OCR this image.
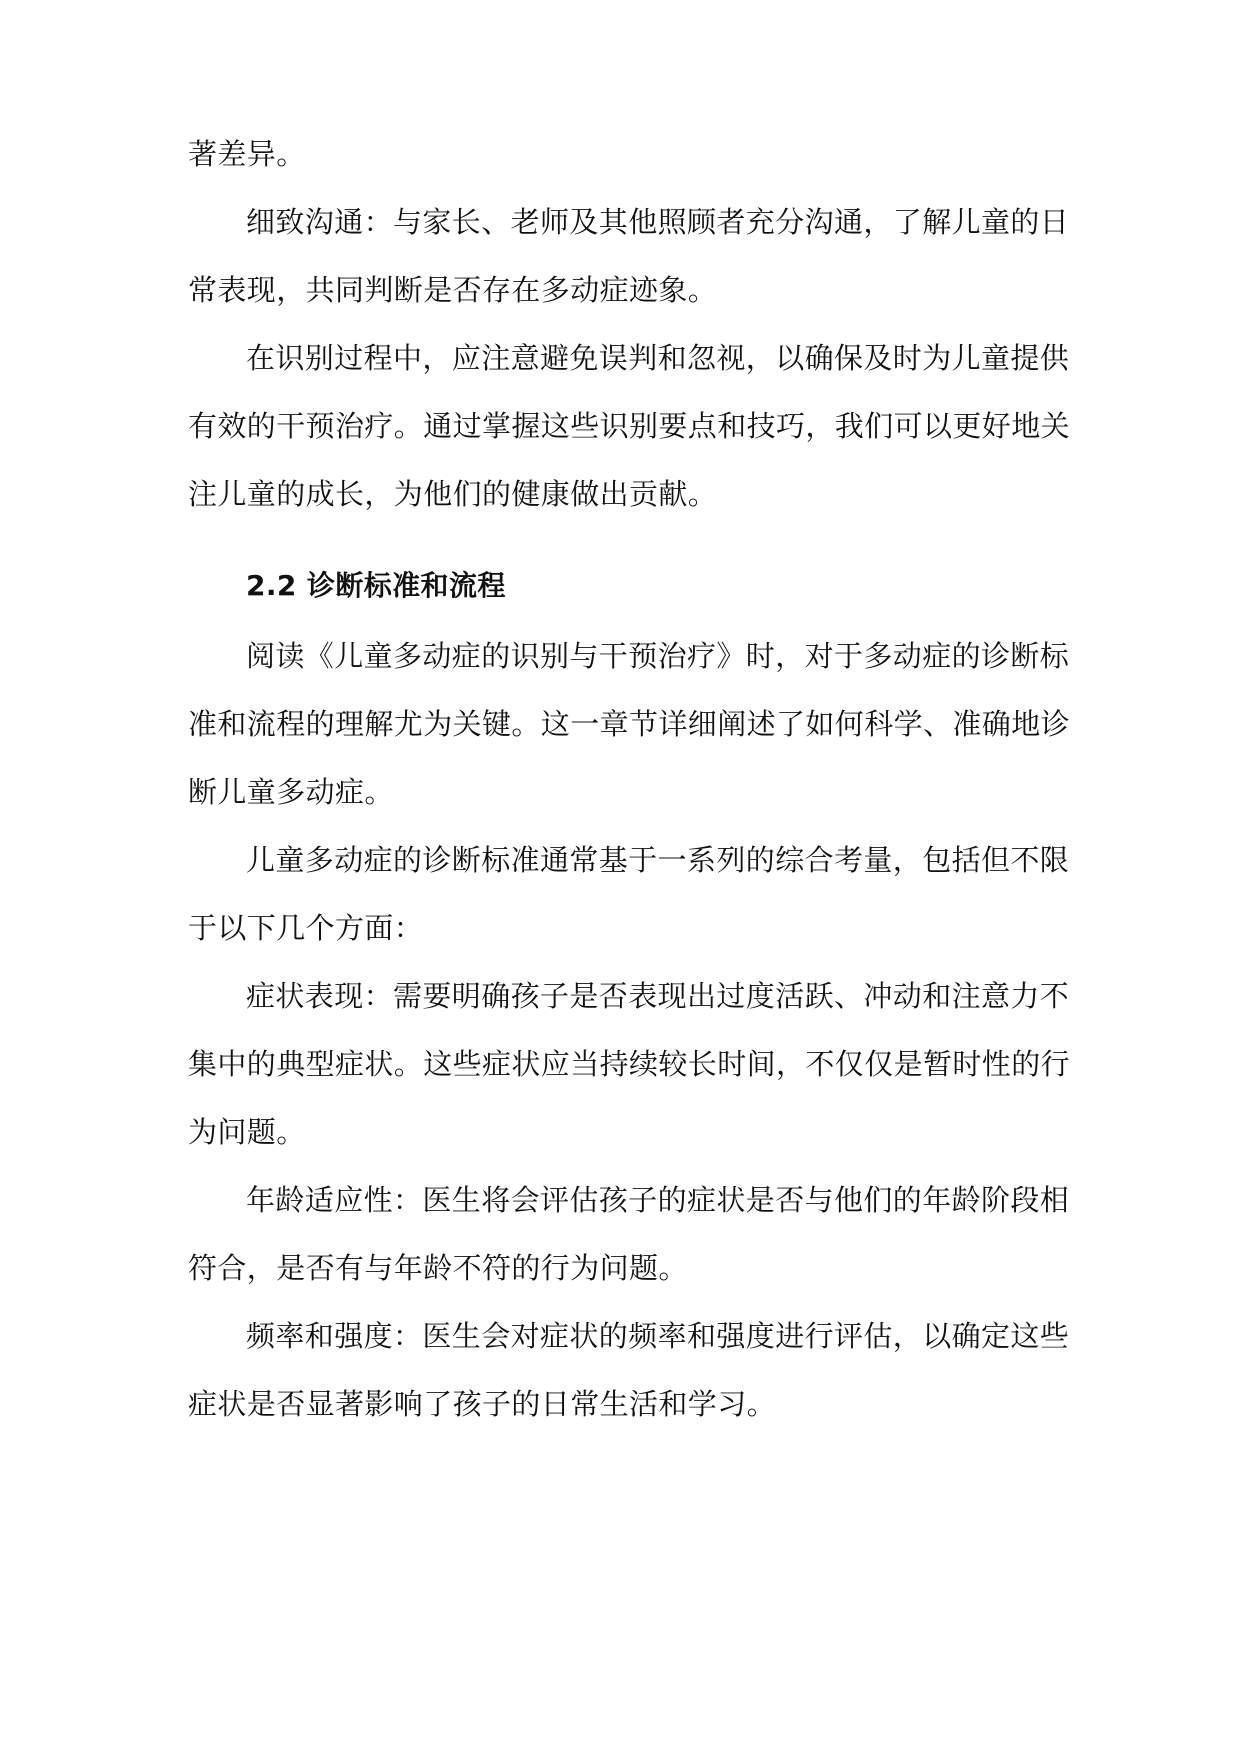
著差异。
细致沟通：与家长、老师及其他照顾者充分沟通，了解儿童的日
常表现，共同判断是否存在多动症迹象。
在识别过程中，应注意避免误判和忽视，以确保及时为儿童提供
有效的干预治疗。通过掌握这些识别要点和技巧，我们可以更好地关
注儿童的成长，为他们的健康做出贡献。
2.2 诊断标准和流程
阅读《儿童多动症的识别与干预治疗》时，对于多动症的诊断标
准和流程的理解尤为关键。这一章节详细阐述了如何科学、准确地诊
断儿童多动症。
儿童多动症的诊断标准通常基于一系列的综合考量，包括但不限
于以下几个方面：
症状表现：需要明确孩子是否表现出过度活跃、冲动和注意力不
集中的典型症状。这些症状应当持续较长时间，不仅仅是暂时性的行
为问题。
年龄适应性：医生将会评估孩子的症状是否与他们的年龄阶段相
符合，是否有与年龄不符的行为问题。
频率和强度：医生会对症状的频率和强度进行评估，以确定这些
症状是否显著影响了孩子的日常生活和学习。
